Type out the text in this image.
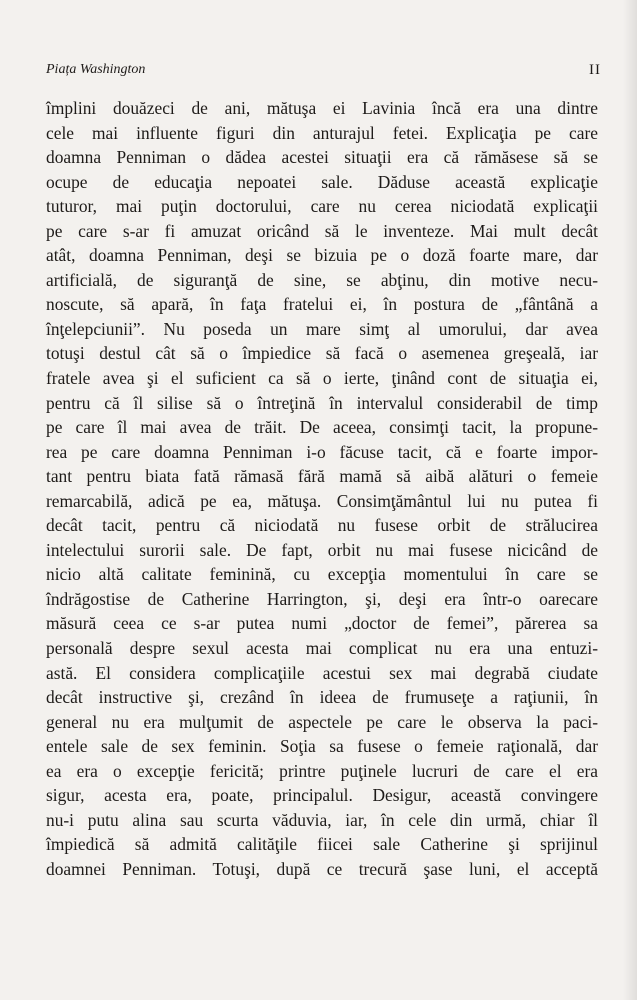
Piața Washington	II
împlini douăzeci de ani, mătuşa ei Lavinia încă era una dintre
cele mai influente figuri din anturajul fetei. Explicaţia pe care
doamna Penniman o dădea acestei situaţii era că rămăsese să se
ocupe de educaţia nepoatei sale. Dăduse această explicaţie
tuturor, mai puţin doctorului, care nu cerea niciodată explicaţii
pe care s-ar fi amuzat oricând să le inventeze. Mai mult decât
atât, doamna Penniman, deşi se bizuia pe o doză foarte mare, dar
artificială, de siguranţă de sine, se abţinu, din motive necu-
noscute, să apară, în faţa fratelui ei, în postura de „fântână a
înţelepciunii”. Nu poseda un mare simţ al umorului, dar avea
totuşi destul cât să o împiedice să facă o asemenea greşeală, iar
fratele avea şi el suficient ca să o ierte, ţinând cont de situaţia ei,
pentru că îl silise să o întreţină în intervalul considerabil de timp
pe care îl mai avea de trăit. De aceea, consimţi tacit, la propune-
rea pe care doamna Penniman i-o făcuse tacit, că e foarte impor-
tant pentru biata fată rămasă fără mamă să aibă alături o femeie
remarcabilă, adică pe ea, mătuşa. Consimţământul lui nu putea fi
decât tacit, pentru că niciodată nu fusese orbit de strălucirea
intelectului surorii sale. De fapt, orbit nu mai fusese nicicând de
nicio altă calitate feminină, cu excepţia momentului în care se
îndrăgostise de Catherine Harrington, şi, deşi era într-o oarecare
măsură ceea ce s-ar putea numi „doctor de femei”, părerea sa
personală despre sexul acesta mai complicat nu era una entuzi-
astă. El considera complicaţiile acestui sex mai degrabă ciudate
decât instructive şi, crezând în ideea de frumuseţe a raţiunii, în
general nu era mulţumit de aspectele pe care le observa la paci-
entele sale de sex feminin. Soţia sa fusese o femeie raţională, dar
ea era o excepţie fericită; printre puţinele lucruri de care el era
sigur, acesta era, poate, principalul. Desigur, această convingere
nu-i putu alina sau scurta văduvia, iar, în cele din urmă, chiar îl
împiedică să admită calităţile fiicei sale Catherine şi sprijinul
doamnei Penniman. Totuşi, după ce trecură şase luni, el acceptă
